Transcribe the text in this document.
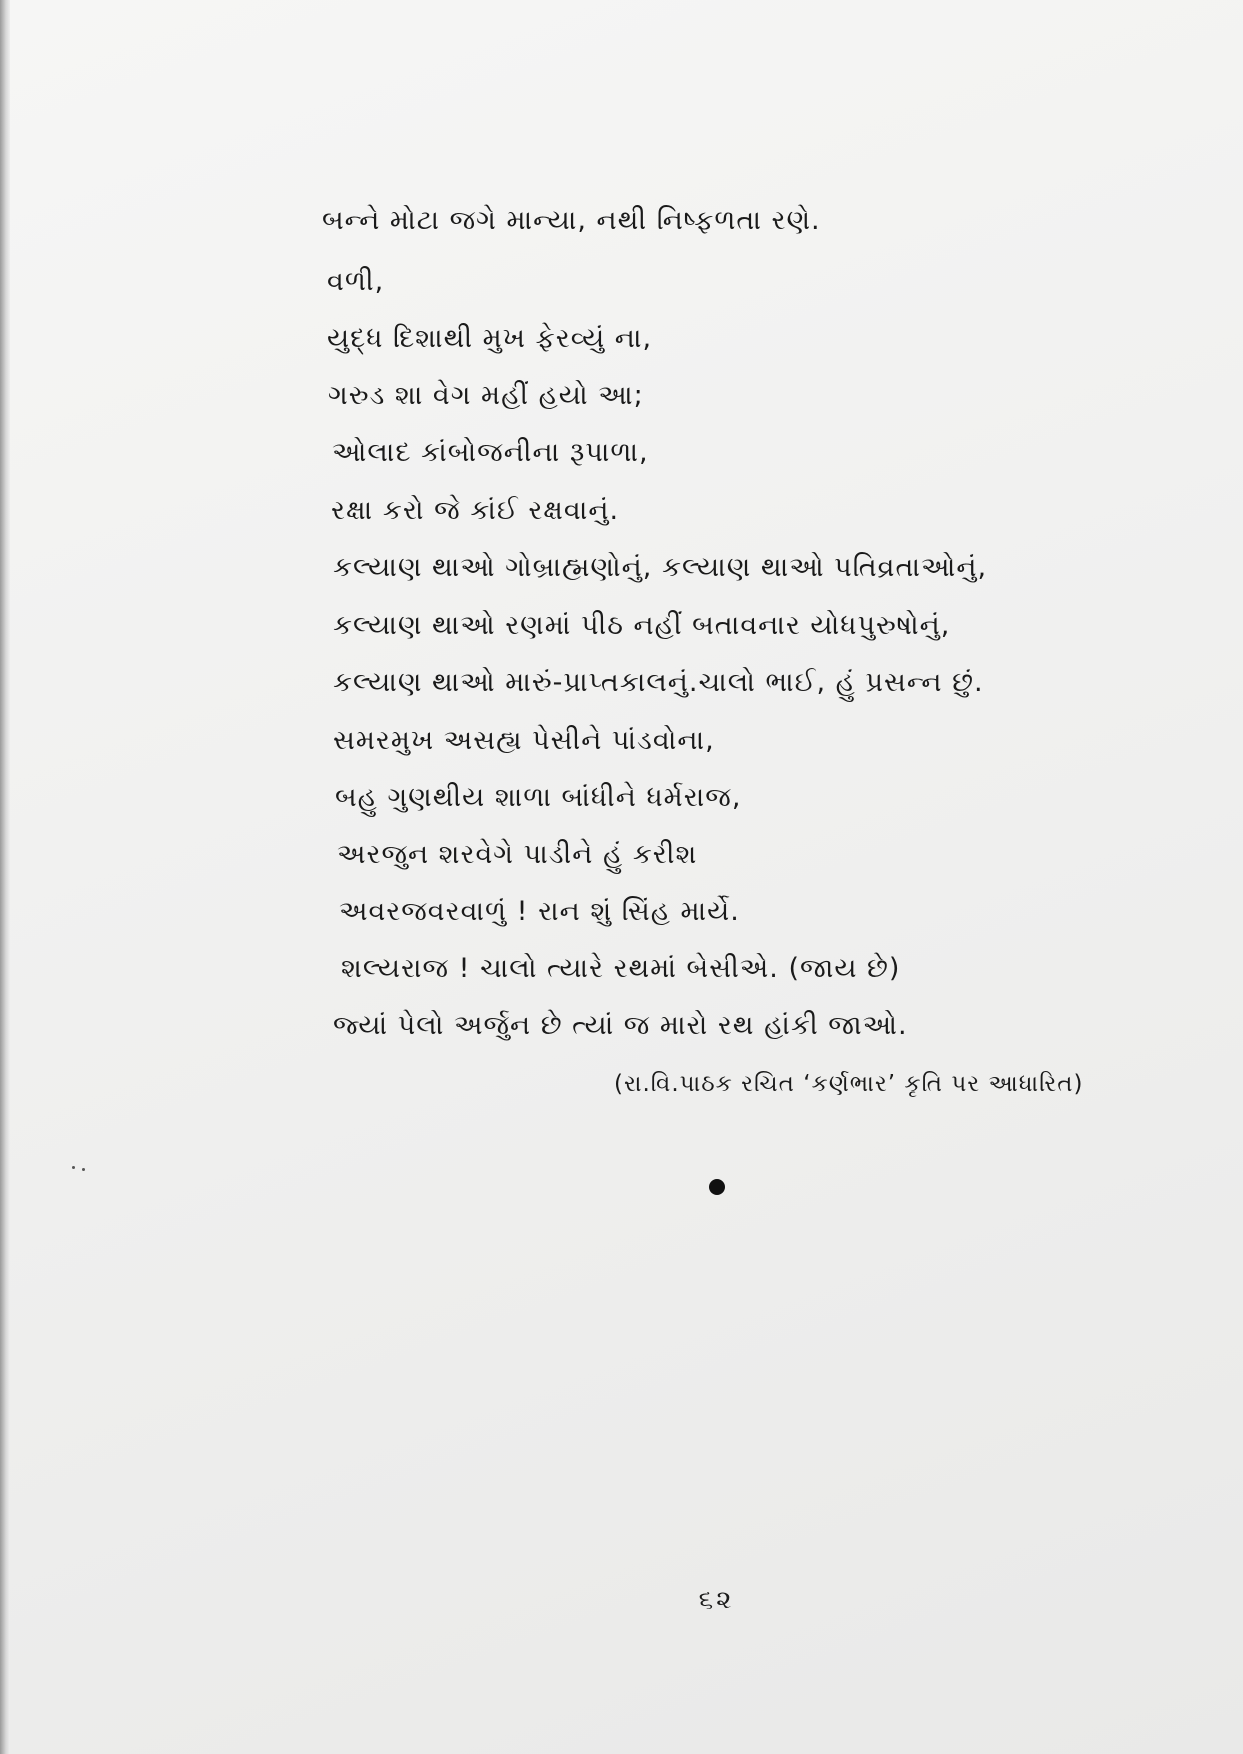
બન્ને મોટા જગે માન્યા, નથી નિષ્ફળતા રણે.
વળી,
યુદ્ધ દિશાથી મુખ ફેરવ્યું ના,
ગરુડ શા વેગ મહીં હયો આ;
ઓલાદ કાંબોજનીના રૂપાળા,
રક્ષા કરો જે કાંઈ રક્ષવાનું.
કલ્યાણ થાઓ ગોબ્રાહ્મણોનું, કલ્યાણ થાઓ પતિવ્રતાઓનું,
કલ્યાણ થાઓ રણમાં પીઠ નહીં બતાવનાર યોધપુરુષોનું,
કલ્યાણ થાઓ મારું-પ્રાપ્તકાલનું.ચાલો ભાઈ, હું પ્રસન્ન છું.
સમરમુખ અસહ્ય પેસીને પાંડવોના,
બહુ ગુણથીય શાળા બાંધીને ધર્મરાજ,
અરજુન શરવેગે પાડીને હું કરીશ
અવરજવરવાળું ! રાન શું સિંહ માર્યે.
શલ્યરાજ ! ચાલો ત્યારે રથમાં બેસીએ. (જાય છે)
જ્યાં પેલો અર્જુન છે ત્યાં જ મારો રથ હાંકી જાઓ.
(રા.વિ.પાઠક રચિત ‘કર્ણભાર’ કૃતિ પર આધારિત)
૬૨
